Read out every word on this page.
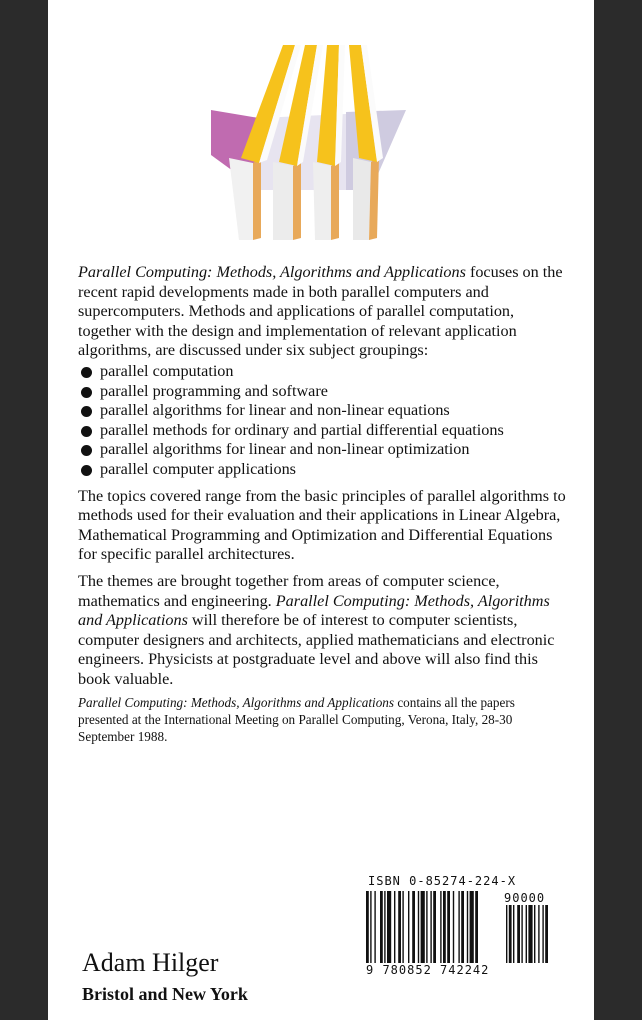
Parallel Computing: Methods, Algorithms and Applications focuses on the recent rapid developments made in both parallel computers and supercomputers. Methods and applications of parallel computation, together with the design and implementation of relevant application algorithms, are discussed under six subject groupings:
parallel computation
parallel programming and software
parallel algorithms for linear and non-linear equations
parallel methods for ordinary and partial differential equations
parallel algorithms for linear and non-linear optimization
parallel computer applications
The topics covered range from the basic principles of parallel algorithms to methods used for their evaluation and their applications in Linear Algebra, Mathematical Programming and Optimization and Differential Equations for specific parallel architectures.
The themes are brought together from areas of computer science, mathematics and engineering. Parallel Computing: Methods, Algorithms and Applications will therefore be of interest to computer scientists, computer designers and architects, applied mathematicians and electronic engineers. Physicists at postgraduate level and above will also find this book valuable.
Parallel Computing: Methods, Algorithms and Applications contains all the papers presented at the International Meeting on Parallel Computing, Verona, Italy, 28-30 September 1988.
Adam Hilger
Bristol and New York
ISBN 0-85274-224-X
9 780852 742242
90000
